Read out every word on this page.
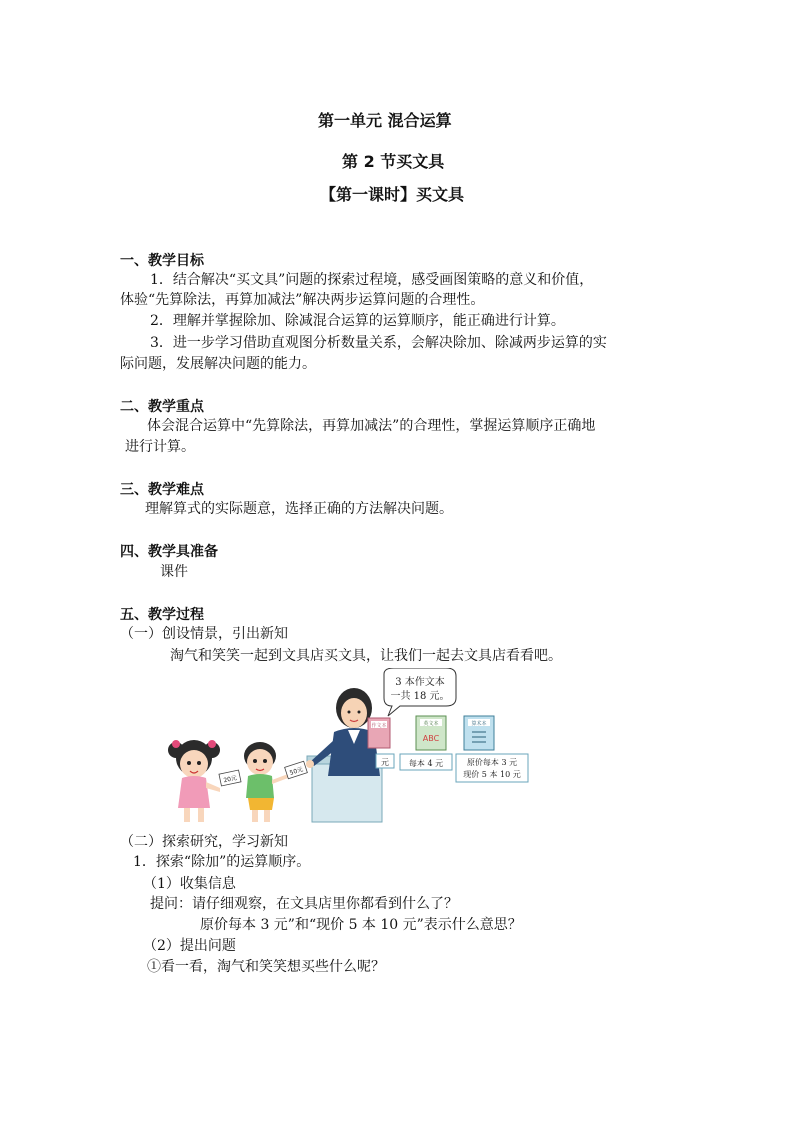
第一单元 混合运算
第 2 节买文具
【第一课时】买文具
一、教学目标
1．结合解决“买文具”问题的探索过程境，感受画图策略的意义和价值，
体验“先算除法，再算加减法”解决两步运算问题的合理性。
2．理解并掌握除加、除减混合运算的运算顺序，能正确进行计算。
3．进一步学习借助直观图分析数量关系，会解决除加、除减两步运算的实
际问题，发展解决问题的能力。
二、教学重点
体会混合运算中“先算除法，再算加减法”的合理性，掌握运算顺序正确地
进行计算。
三、教学难点
理解算式的实际题意，选择正确的方法解决问题。
四、教学具准备
课件
五、教学过程
（一）创设情景，引出新知
淘气和笑笑一起到文具店买文具，让我们一起去文具店看看吧。
3 本作文本
一共 18 元。
作文本	英文本
ABC
算术本
元 每本 4 元	原价每本 3 元
现价 5 本 10 元
20元
50元
（二）探索研究，学习新知
1．探索“除加”的运算顺序。
（1）收集信息
提问：请仔细观察，在文具店里你都看到什么了？
原价每本 3 元”和“现价 5 本 10 元”表示什么意思？
（2）提出问题
①看一看，淘气和笑笑想买些什么呢？
